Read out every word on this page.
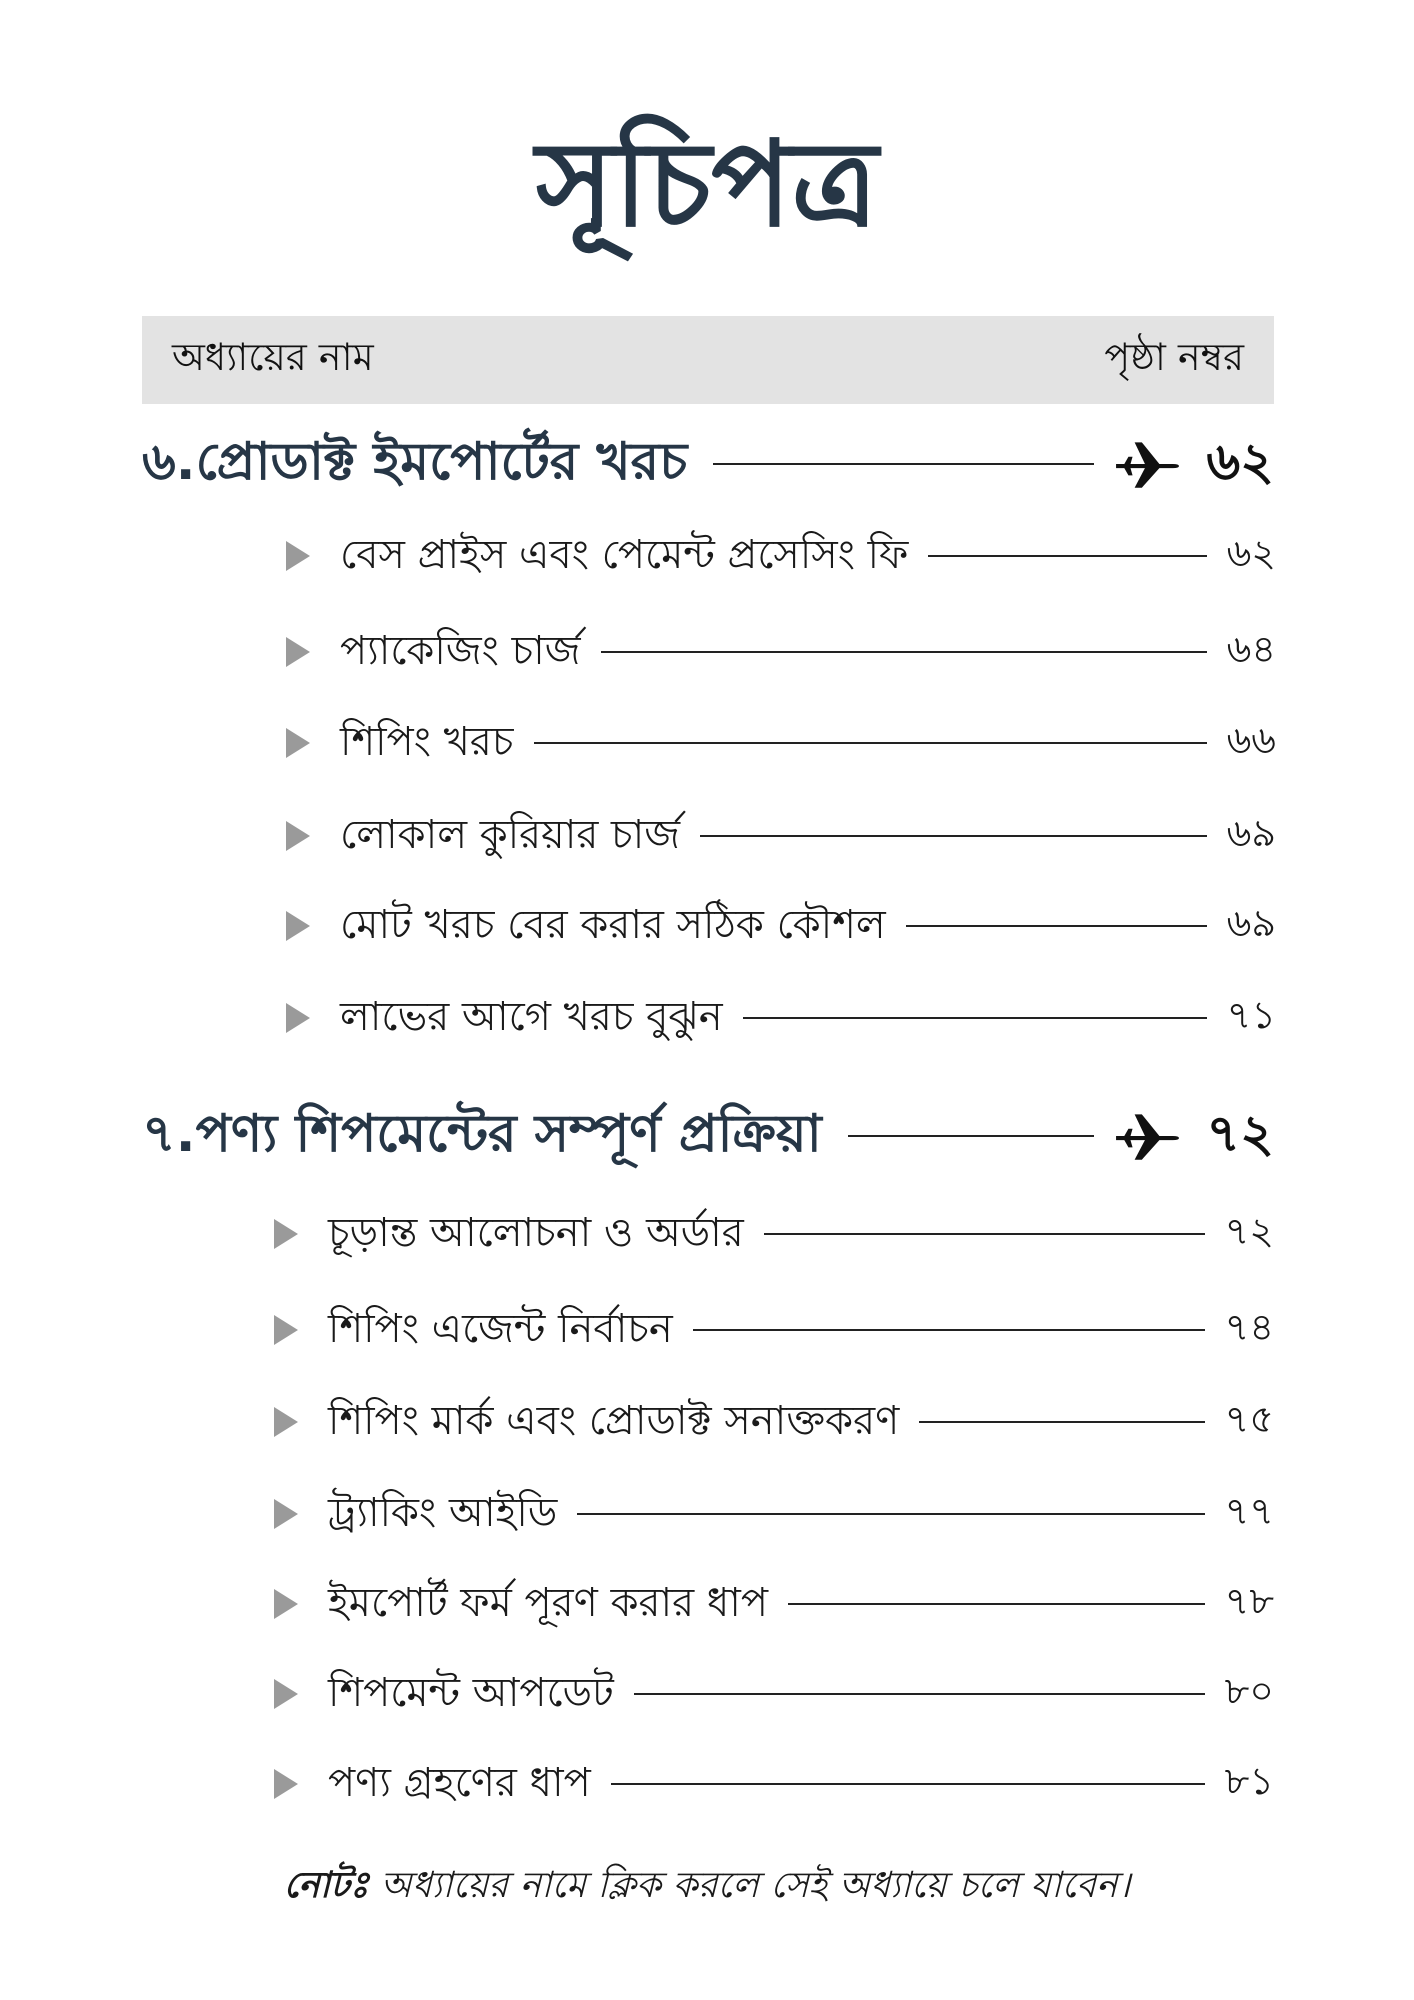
সূচিপত্র
অধ্যায়ের নাম	পৃষ্ঠা নম্বর
৬.প্রোডাক্ট ইমপোর্টের খরচ	৬২
বেস প্রাইস এবং পেমেন্ট প্রসেসিং ফি	৬২
প্যাকেজিং চার্জ	৬৪
শিপিং খরচ	৬৬
লোকাল কুরিয়ার চার্জ	৬৯
মোট খরচ বের করার সঠিক কৌশল	৬৯
লাভের আগে খরচ বুঝুন	৭১
৭.পণ্য শিপমেন্টের সম্পূর্ণ প্রক্রিয়া	৭২
চূড়ান্ত আলোচনা ও অর্ডার	৭২
শিপিং এজেন্ট নির্বাচন	৭৪
শিপিং মার্ক এবং প্রোডাক্ট সনাক্তকরণ	৭৫
ট্র্যাকিং আইডি	৭৭
ইমপোর্ট ফর্ম পূরণ করার ধাপ	৭৮
শিপমেন্ট আপডেট	৮০
পণ্য গ্রহণের ধাপ	৮১
নোটঃ অধ্যায়ের নামে ক্লিক করলে সেই অধ্যায়ে চলে যাবেন।
